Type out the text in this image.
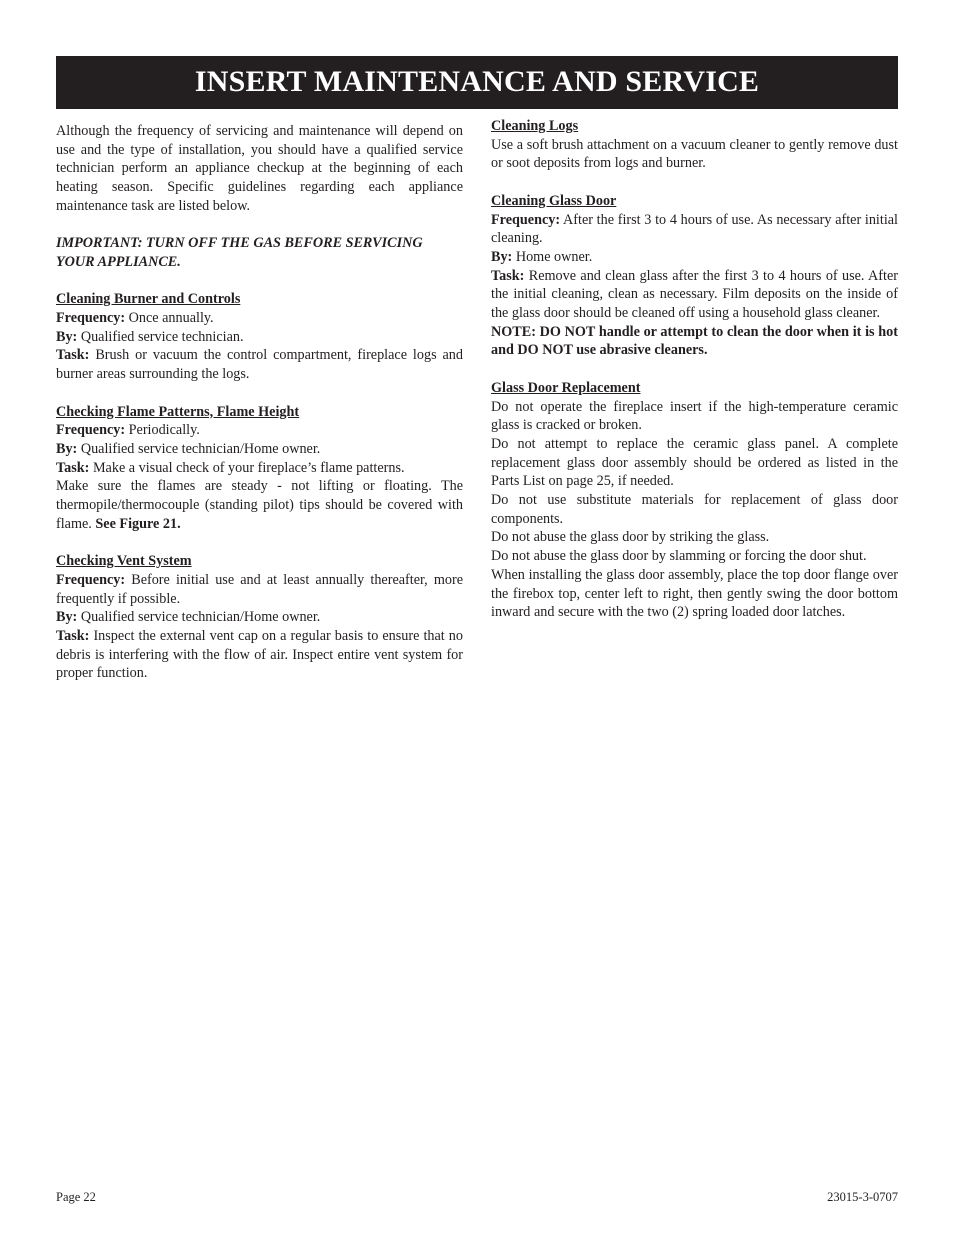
INSERT MAINTENANCE AND SERVICE

Although the frequency of servicing and maintenance will depend on use and the type of installation, you should have a qualified service technician perform an appliance checkup at the beginning of each heating season. Specific guidelines regarding each appliance maintenance task are listed below.

IMPORTANT: TURN OFF THE GAS BEFORE SERVICING YOUR APPLIANCE.

Cleaning Burner and Controls

Frequency: Once annually.

By: Qualified service technician.

Task: Brush or vacuum the control compartment, fireplace logs and burner areas surrounding the logs.

Checking Flame Patterns, Flame Height

Frequency: Periodically.

By: Qualified service technician/Home owner.

Task: Make a visual check of your fireplace’s flame patterns.

Make sure the flames are steady - not lifting or floating. The thermopile/thermocouple (standing pilot) tips should be covered with flame. See Figure 21.

Checking Vent System

Frequency: Before initial use and at least annually thereafter, more frequently if possible.

By: Qualified service technician/Home owner.

Task: Inspect the external vent cap on a regular basis to ensure that no debris is interfering with the flow of air. Inspect entire vent system for proper function.

Cleaning Logs

Use a soft brush attachment on a vacuum cleaner to gently remove dust or soot deposits from logs and burner.

Cleaning Glass Door

Frequency: After the first 3 to 4 hours of use. As necessary after initial cleaning.

By: Home owner.

Task: Remove and clean glass after the first 3 to 4 hours of use. After the initial cleaning, clean as necessary. Film deposits on the inside of the glass door should be cleaned off using a household glass cleaner.

NOTE: DO NOT handle or attempt to clean the door when it is hot and DO NOT use abrasive cleaners.

Glass Door Replacement

Do not operate the fireplace insert if the high-temperature ceramic glass is cracked or broken.

Do not attempt to replace the ceramic glass panel. A complete replacement glass door assembly should be ordered as listed in the Parts List on page 25, if needed.

Do not use substitute materials for replacement of glass door components.

Do not abuse the glass door by striking the glass.

Do not abuse the glass door by slamming or forcing the door shut.

When installing the glass door assembly, place the top door flange over the firebox top, center left to right, then gently swing the door bottom inward and secure with the two (2) spring loaded door latches.

Page 22	23015-3-0707
